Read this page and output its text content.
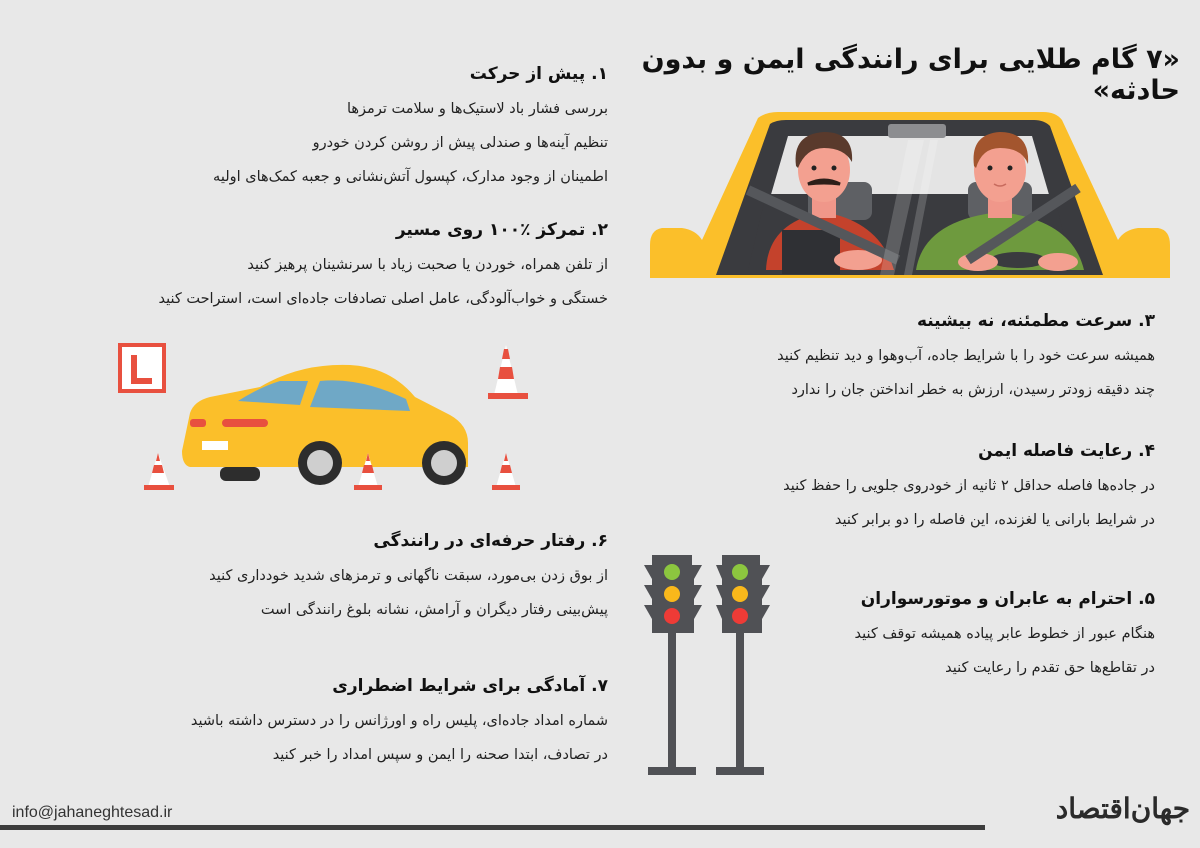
«۷ گام طلایی برای رانندگی ایمن و بدون حادثه»
۱. پیش از حرکت

بررسی فشار باد لاستیک‌ها و سلامت ترمزها

تنظیم آینه‌ها و صندلی پیش از روشن کردن خودرو

اطمینان از وجود مدارک، کپسول آتش‌نشانی و جعبه کمک‌های اولیه

۲. تمرکز ٪۱۰۰ روی مسیر

از تلفن همراه، خوردن یا صحبت زیاد با سرنشینان پرهیز کنید

خستگی و خواب‌آلودگی، عامل اصلی تصادفات جاده‌ای است، استراحت کنید

۳. سرعت مطمئنه، نه بیشینه

همیشه سرعت خود را با شرایط جاده، آب‌وهوا و دید تنظیم کنید

چند دقیقه زودتر رسیدن، ارزش به خطر انداختن جان را ندارد

۴. رعایت فاصله ایمن

در جاده‌ها فاصله حداقل ۲ ثانیه از خودروی جلویی را حفظ کنید

در شرایط بارانی یا لغزنده، این فاصله را دو برابر کنید

۵. احترام به عابران و موتورسواران

هنگام عبور از خطوط عابر پیاده همیشه توقف کنید

در تقاطع‌ها حق تقدم را رعایت کنید

۶. رفتار حرفه‌ای در رانندگی

از بوق زدن بی‌مورد، سبقت ناگهانی و ترمزهای شدید خودداری کنید

پیش‌بینی رفتار دیگران و آرامش، نشانه بلوغ رانندگی است

۷. آمادگی برای شرایط اضطراری

شماره امداد جاده‌ای، پلیس راه و اورژانس را در دسترس داشته باشید

در تصادف، ابتدا صحنه را ایمن و سپس امداد را خبر کنید

info@jahaneghtesad.ir	جهان‌اقتصاد
